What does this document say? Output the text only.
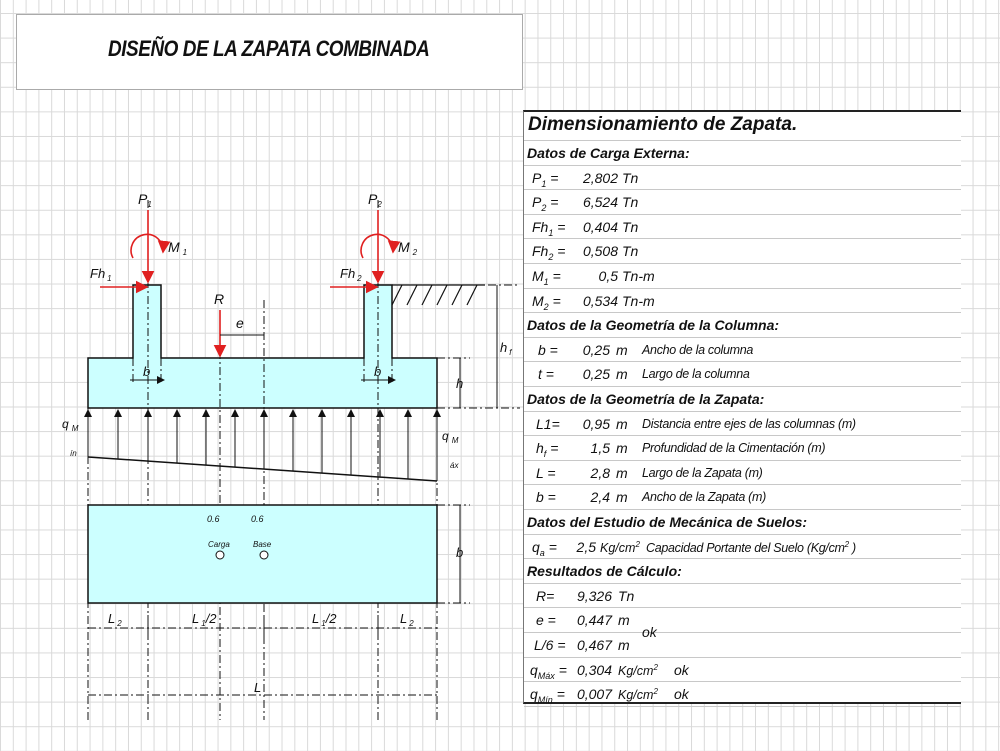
DISEÑO DE LA ZAPATA COMBINADA
$P_1$	$P_2$
M $_1$	M $_2$
Fh $_1$	Fh $_2$
R
e
b	b
h
h $_f$
q $_M$
ín
q $_M$
áx
0.6	0.6
Carga	Base
b
L $_2$	L $_1$/2	L $_1$/2	L $_2$
L
Dimensionamiento de Zapata.
Datos de Carga Externa:
$P_1$ =	2,802 Tn
$P_2$ =	6,524 Tn
$Fh_1$ =	0,404 Tn
$Fh_2$ =	0,508 Tn
$M_1$ =	0,5 Tn-m
$M_2$ =	0,534 Tn-m
Datos de la Geometría de la Columna:
b =	0,25 m Ancho de la columna
t =	0,25 m Largo de la columna
Datos de la Geometría de la Zapata:
L1=	0,95 m Distancia entre ejes de las columnas (m)
$h_f$ =	1,5 m Profundidad de la Cimentación (m)
L =	2,8 m Largo de la Zapata (m)
b =	2,4 m Ancho de la Zapata (m)
Datos del Estudio de Mecánica de Suelos:
$q_a$ =	2,5 $Kg/cm^2$ Capacidad Portante del Suelo ($Kg/cm^2$ )
Resultados de Cálculo:
R=	9,326 Tn
e =	0,447 m
ok
L/6 = 0,467 m
$q_{Máx} = 0,304$ $Kg/cm^2$ ok
$q_{Mín} = 0,007$ $Kg/cm^2$ ok
